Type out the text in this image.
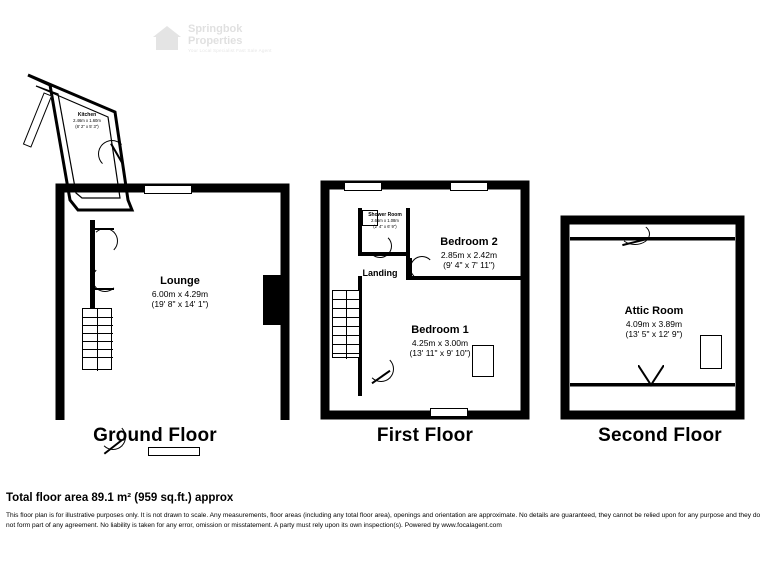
Springbok
Properties
Your Local Specialist Fast Sale Agent
Kitchen
2.46m x 1.60m
(8' 2" x 5' 3")
Lounge
6.00m x 4.29m
(19' 8" x 14' 1")
Ground Floor
Shower Room
2.65m x 1.08m
(2' 4" x 6' 9")
Landing
Bedroom 2
2.85m x 2.42m
(9' 4" x 7' 11")
Bedroom 1
4.25m x 3.00m
(13' 11" x 9' 10")
First Floor
Attic Room
4.09m x 3.89m
(13' 5" x 12' 9")
Second Floor
Total floor area 89.1 m² (959 sq.ft.) approx
This floor plan is for illustrative purposes only. It is not drawn to scale. Any measurements, floor areas (including any total floor area), openings and orientation are approximate. No details are guaranteed, they cannot be relied upon for any purpose and they do not form part of any agreement. No liability is taken for any error, omission or misstatement. A party must rely upon its own inspection(s). Powered by www.focalagent.com
